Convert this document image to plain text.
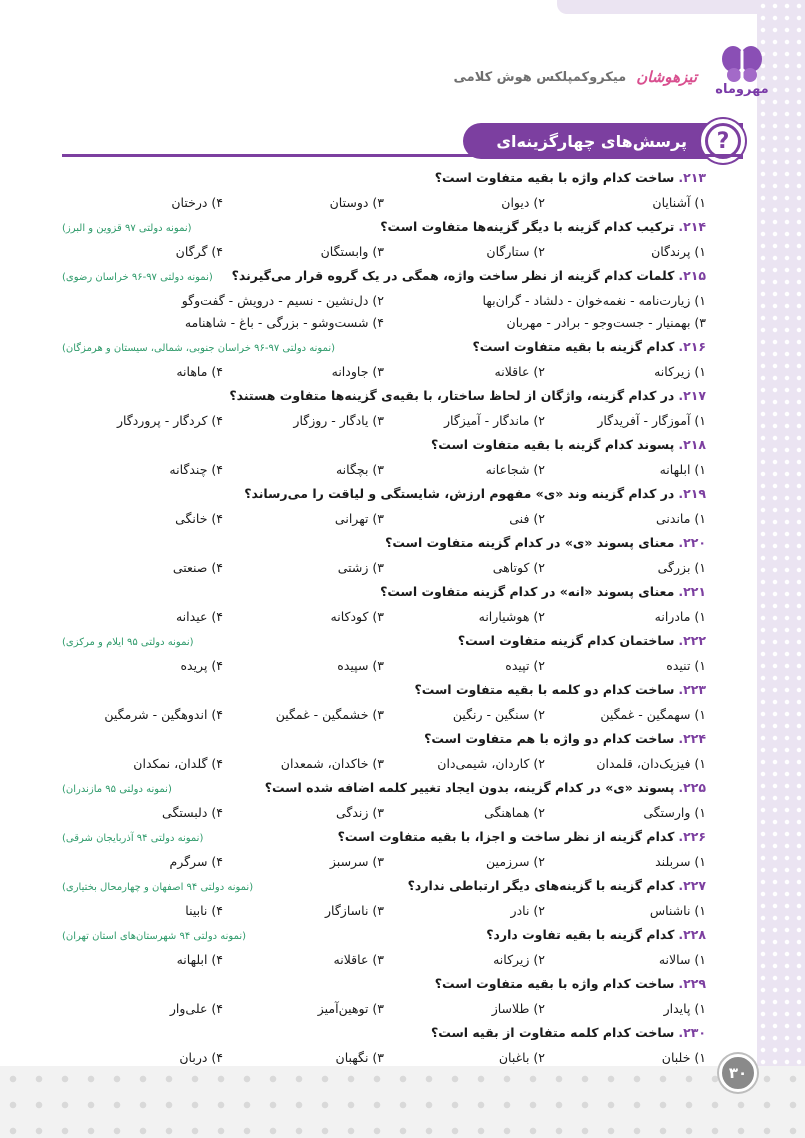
مهروماه
تیزهوشان
میکروکمپلکس هوش کلامی
پرسش‌های چهارگزینه‌ای	?
۲۱۳.ساخت کدام واژه با بقیه متفاوت است؟
۱) آشنایان
۲) دیوان
۳) دوستان
۴) درختان
۲۱۴.ترکیب کدام گزینه با دیگر گزینه‌ها متفاوت است؟
(نمونه دولتی ۹۷ قزوین و البرز)
۱) پرندگان
۲) ستارگان
۳) وابستگان
۴) گرگان
۲۱۵.کلمات کدام گزینه از نظر ساخت واژه، همگی در یک گروه قرار می‌گیرند؟
(نمونه دولتی ۹۷-۹۶ خراسان رضوی)
۱) زیارت‌نامه - نغمه‌خوان - دلشاد - گران‌بها
۲) دل‌نشین - نسیم - درویش - گفت‌وگو
۳) بهمنیار - جست‌وجو - برادر - مهربان
۴) شست‌وشو - بزرگی - باغ - شاهنامه
۲۱۶.کدام گزینه با بقیه متفاوت است؟
(نمونه دولتی ۹۷-۹۶ خراسان جنوبی، شمالی، سیستان و هرمزگان)
۱) زیرکانه
۲) عاقلانه
۳) جاودانه
۴) ماهانه
۲۱۷.در کدام گزینه، واژگان از لحاظ ساختار، با بقیه‌ی گزینه‌ها متفاوت هستند؟
۱) آموزگار - آفریدگار
۲) ماندگار - آمیزگار
۳) یادگار - روزگار
۴) کردگار - پروردگار
۲۱۸.پسوند کدام گزینه با بقیه متفاوت است؟
۱) ابلهانه
۲) شجاعانه
۳) بچگانه
۴) چندگانه
۲۱۹.در کدام گزینه وند «ی» مفهوم ارزش، شایستگی و لیاقت را می‌رساند؟
۱) ماندنی
۲) فنی
۳) تهرانی
۴) خانگی
۲۲۰.معنای پسوند «ی» در کدام گزینه متفاوت است؟
۱) بزرگی
۲) کوتاهی
۳) زشتی
۴) صنعتی
۲۲۱.معنای پسوند «انه» در کدام گزینه متفاوت است؟
۱) مادرانه
۲) هوشیارانه
۳) کودکانه
۴) عیدانه
۲۲۲.ساختمان کدام گزینه متفاوت است؟
(نمونه دولتی ۹۵ ایلام و مرکزی)
۱) تنیده
۲) تپیده
۳) سپیده
۴) پریده
۲۲۳.ساخت کدام دو کلمه با بقیه متفاوت است؟
۱) سهمگین - غمگین
۲) سنگین - رنگین
۳) خشمگین - غمگین
۴) اندوهگین - شرمگین
۲۲۴.ساخت کدام دو واژه با هم متفاوت است؟
۱) فیزیک‌دان، قلمدان
۲) کاردان، شیمی‌دان
۳) خاکدان، شمعدان
۴) گلدان، نمکدان
۲۲۵.پسوند «ی» در کدام گزینه، بدون ایجاد تغییر کلمه اضافه شده است؟
(نمونه دولتی ۹۵ مازندران)
۱) وارستگی
۲) هماهنگی
۳) زندگی
۴) دلبستگی
۲۲۶.کدام گزینه از نظر ساخت و اجزا، با بقیه متفاوت است؟
(نمونه دولتی ۹۴ آذربایجان شرقی)
۱) سربلند
۲) سرزمین
۳) سرسبز
۴) سرگرم
۲۲۷.کدام گزینه با گزینه‌های دیگر ارتباطی ندارد؟
(نمونه دولتی ۹۴ اصفهان و چهارمحال بختیاری)
۱) ناشناس
۲) نادر
۳) ناسازگار
۴) نابینا
۲۲۸.کدام گزینه با بقیه تفاوت دارد؟
(نمونه دولتی ۹۴ شهرستان‌های استان تهران)
۱) سالانه
۲) زیرکانه
۳) عاقلانه
۴) ابلهانه
۲۲۹.ساخت کدام واژه با بقیه متفاوت است؟
۱) پایدار
۲) طلاساز
۳) توهین‌آمیز
۴) علی‌وار
۲۳۰.ساخت کدام کلمه متفاوت از بقیه است؟
۱) خلبان
۲) باغبان
۳) نگهبان
۴) دربان
۳۰
